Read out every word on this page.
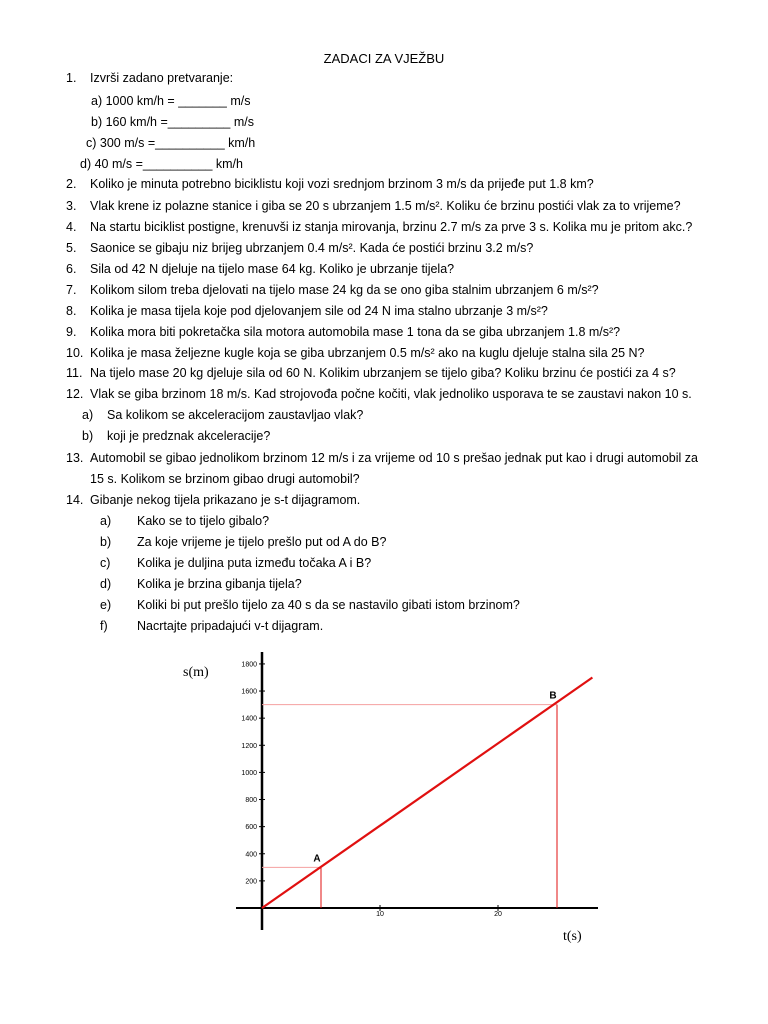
ZADACI ZA VJEŽBU
1. Izvrši zadano pretvaranje:
a) 1000 km/h = _______ m/s
b) 160 km/h =_________ m/s
c) 300 m/s =__________ km/h
d) 40 m/s =__________ km/h
2. Koliko je minuta potrebno biciklistu koji vozi srednjom brzinom 3 m/s da prijeđe put 1.8 km?
3. Vlak krene iz polazne stanice i giba se 20 s ubrzanjem 1.5 m/s². Koliku će brzinu postići vlak za to vrijeme?
4. Na startu biciklist postigne, krenuvši iz stanja mirovanja, brzinu 2.7 m/s za prve 3 s. Kolika mu je pritom akc.?
5. Saonice se gibaju niz brijeg ubrzanjem 0.4 m/s². Kada će postići brzinu 3.2 m/s?
6. Sila od 42 N djeluje na tijelo mase 64 kg. Koliko je ubrzanje tijela?
7. Kolikom silom treba djelovati na tijelo mase 24 kg da se ono giba stalnim ubrzanjem 6 m/s²?
8. Kolika je masa tijela koje pod djelovanjem sile od 24 N ima stalno ubrzanje 3 m/s²?
9. Kolika mora biti pokretačka sila motora automobila mase 1 tona da se giba ubrzanjem 1.8 m/s²?
10. Kolika je masa željezne kugle koja se giba ubrzanjem 0.5 m/s² ako na kuglu djeluje stalna sila 25 N?
11. Na tijelo mase 20 kg djeluje sila od 60 N. Kolikim ubrzanjem se tijelo giba? Koliku brzinu će postići za 4 s?
12. Vlak se giba brzinom 18 m/s. Kad strojovođa počne kočiti, vlak jednoliko usporava te se zaustavi nakon 10 s.
a) Sa kolikom se akceleracijom zaustavljao vlak?
b) koji je predznak akceleracije?
13. Automobil se gibao jednolikom brzinom 12 m/s i za vrijeme od 10 s prešao jednak put kao i drugi automobil za
15 s. Kolikom se brzinom gibao drugi automobil?
14. Gibanje nekog tijela prikazano je s-t dijagramom.
a) Kako se to tijelo gibalo?
b) Za koje vrijeme je tijelo prešlo put od A do B?
c) Kolika je duljina puta između točaka A i B?
d) Kolika je brzina gibanja tijela?
e) Koliki bi put prešlo tijelo za 40 s da se nastavilo gibati istom brzinom?
f) Nacrtajte pripadajući v-t dijagram.
200
400
600
800
1000
1200
1400
1600
1800
10	20
A
B
s(m)
t(s)
